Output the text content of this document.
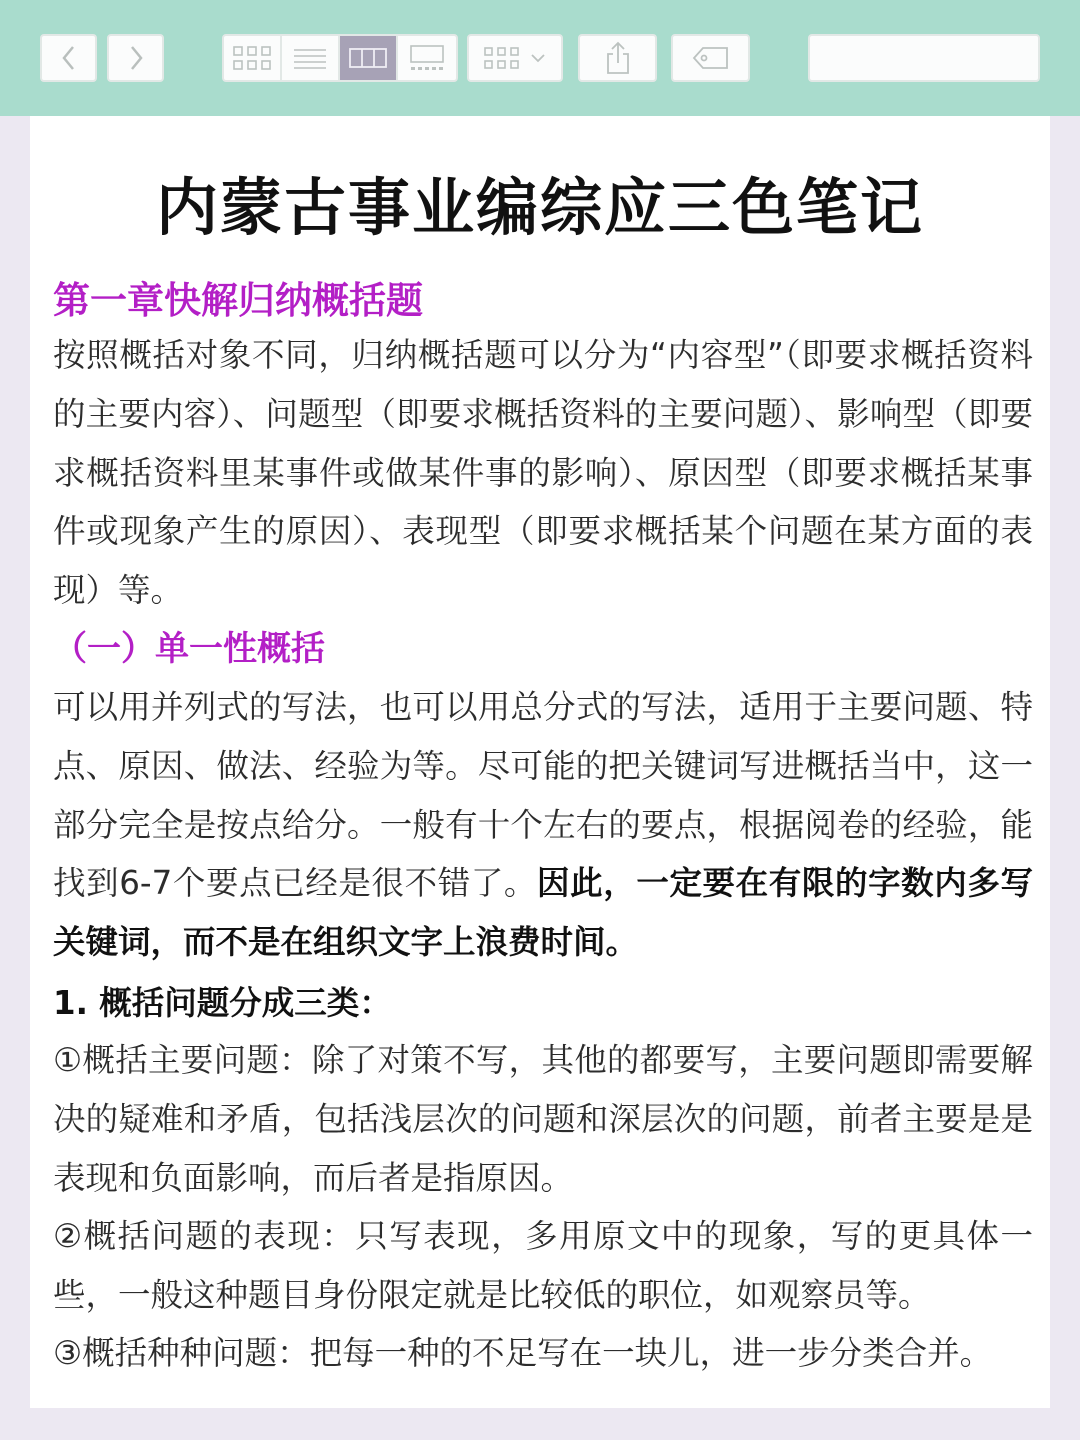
内蒙古事业编综应三色笔记
第一章快解归纳概括题

按照概括对象不同，归纳概括题可以分为“内容型”（即要求概括资料的主要内容）、问题型（即要求概括资料的主要问题）、影响型（即要求概括资料里某事件或做某件事的影响）、原因型（即要求概括某事件或现象产生的原因）、表现型（即要求概括某个问题在某方面的表现）等。

（一）单一性概括

可以用并列式的写法，也可以用总分式的写法，适用于主要问题、特点、原因、做法、经验为等。尽可能的把关键词写进概括当中，这一部分完全是按点给分。一般有十个左右的要点，根据阅卷的经验，能找到6-7个要点已经是很不错了。因此，一定要在有限的字数内多写关键词，而不是在组织文字上浪费时间。

1. 概括问题分成三类：

①概括主要问题：除了对策不写，其他的都要写，主要问题即需要解决的疑难和矛盾，包括浅层次的问题和深层次的问题，前者主要是是表现和负面影响，而后者是指原因。

②概括问题的表现：只写表现，多用原文中的现象，写的更具体一些，一般这种题目身份限定就是比较低的职位，如观察员等。

③概括种种问题：把每一种的不足写在一块儿，进一步分类合并。
